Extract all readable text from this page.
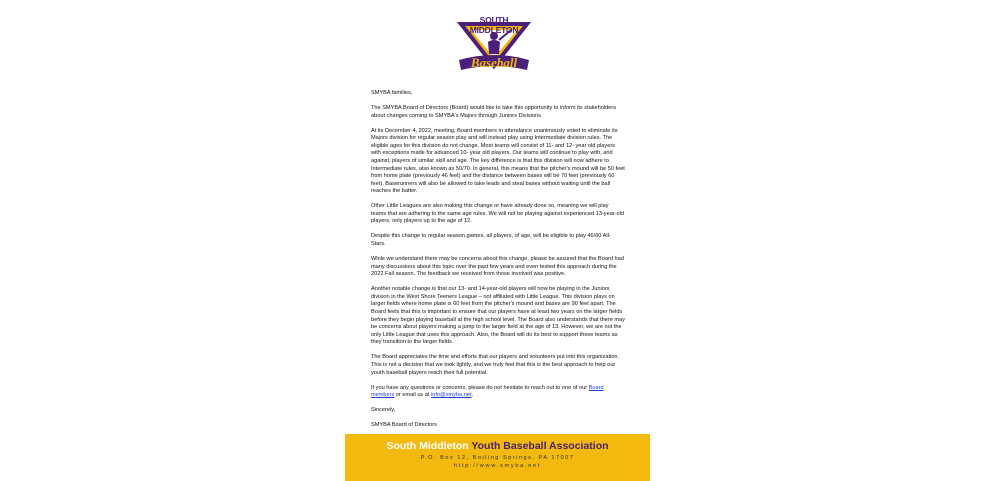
SOUTH MIDDLETON
Baseball

SMYBA families,

The SMYBA Board of Directors (Board) would like to take this opportunity to inform its stakeholders about changes coming to SMYBA's Majors through Juniors Divisions.

At its December 4, 2022, meeting, Board members in attendance unanimously voted to eliminate its Majors division for regular season play and will instead play using Intermediate division rules. The eligible ages for this division do not change. Most teams will consist of 11- and 12- year old players with exceptions made for advanced 10- year old players. Our teams will continue to play with, and against, players of similar skill and age. The key difference is that this division will now adhere to Intermediate rules, also known as 50/70. In general, this means that the pitcher's mound will be 50 feet from home plate (previously 46 feet) and the distance between bases will be 70 feet (previously 60 feet). Baserunners will also be allowed to take leads and steal bases without waiting until the ball reaches the batter.

Other Little Leagues are also making this change or have already done so, meaning we will play teams that are adhering to the same age rules. We will not be playing against experienced 13-year-old players, only players up to the age of 12.

Despite this change to regular season games, all players, of age, will be eligible to play 46/60 All-Stars.

While we understand there may be concerns about this change, please be assured that the Board had many discussions about this topic over the past few years and even tested this approach during the 2022 Fall season. The feedback we received from those involved was positive.

Another notable change is that our 13- and 14-year-old players will now be playing in the Juniors division in the West Shore Teeners League – not affiliated with Little League. This division plays on larger fields where home plate is 60 feet from the pitcher's mound and bases are 90 feet apart. The Board feels that this is important to ensure that our players have at least two years on the larger fields before they begin playing baseball at the high school level. The Board also understands that there may be concerns about players making a jump to the larger field at the age of 13. However, we are not the only Little League that uses this approach. Also, the Board will do its best to support these teams as they transition to the larger fields.

The Board appreciates the time and efforts that our players and volunteers put into this organization. This is not a decision that we took lightly, and we truly feel that this is the best approach to help our youth baseball players reach their full potential.

If you have any questions or concerns, please do not hesitate to reach out to one of our Board members or email us at info@smyba.net.

Sincerely,

SMYBA Board of Directors

South Middleton Youth Baseball Association
P.O. Box 12, Boiling Springs, PA 17007
http://www.smyba.net
